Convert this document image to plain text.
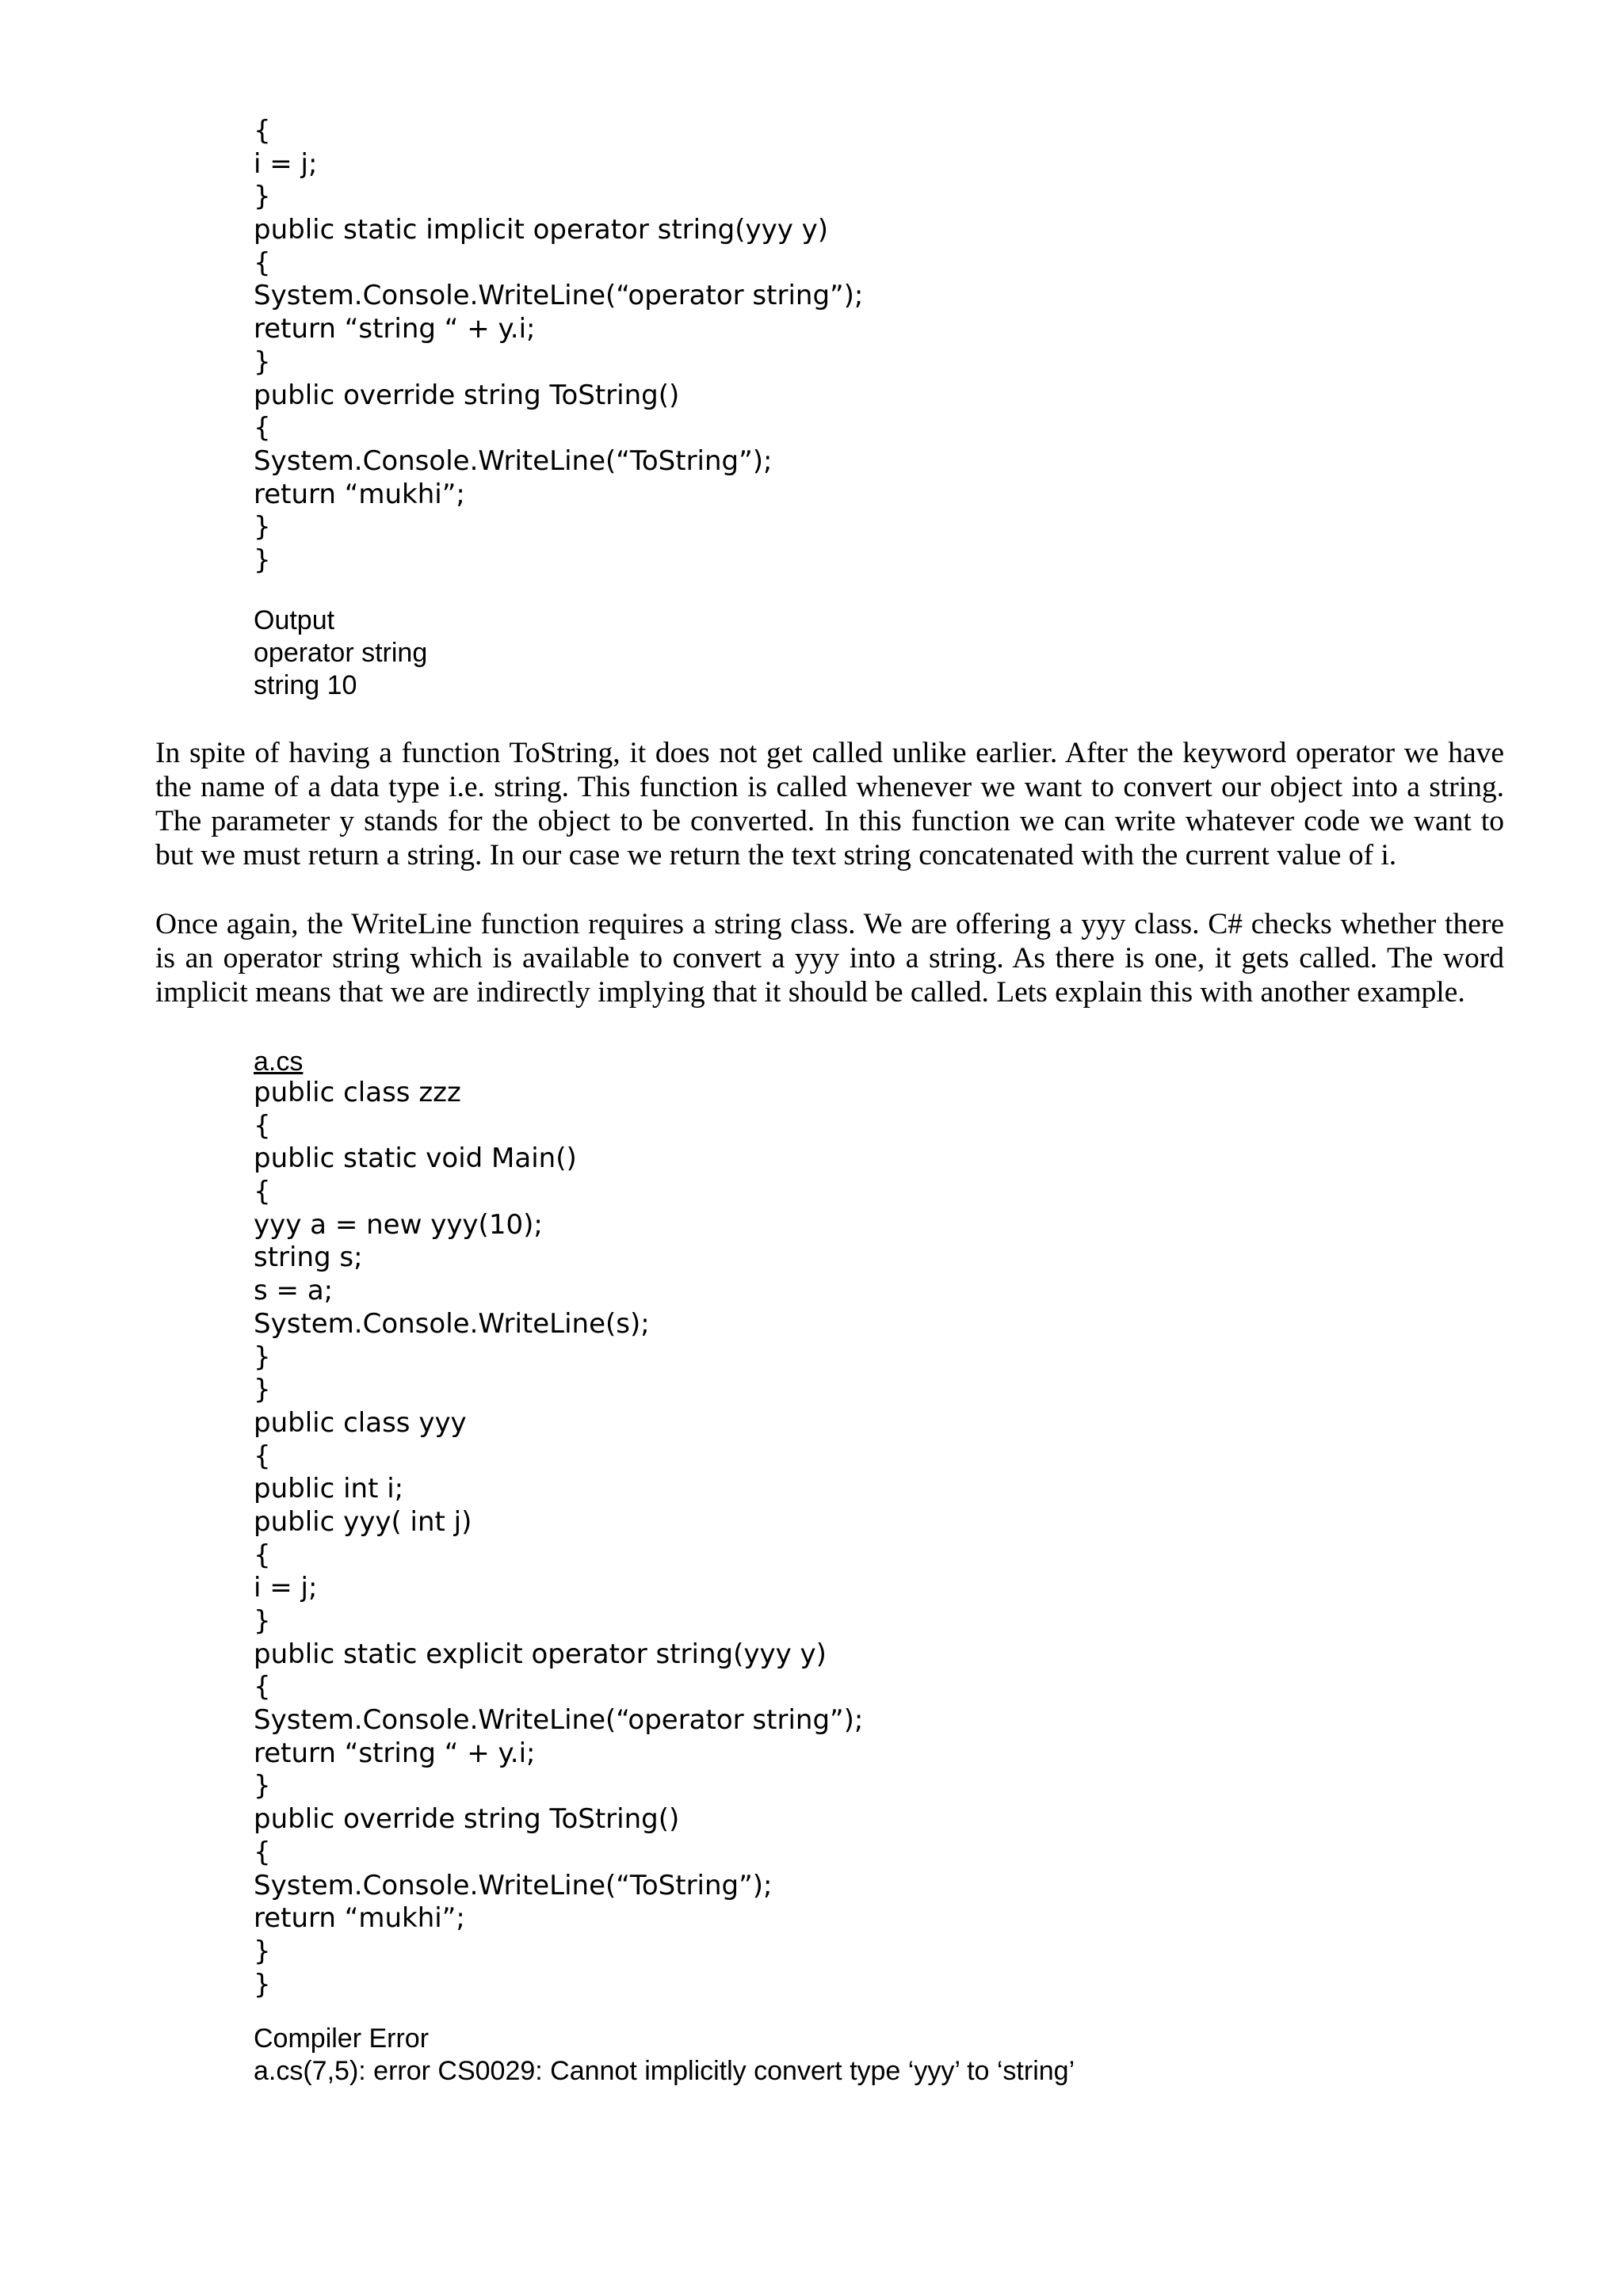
{
i = j;
}
public static implicit operator string(yyy y)
{
System.Console.WriteLine(“operator string”);
return “string “ + y.i;
}
public override string ToString()
{
System.Console.WriteLine(“ToString”);
return “mukhi”;
}
}
Output
operator string
string 10

In spite of having a function ToString, it does not get called unlike earlier. After the keyword operator we have the name of a data type i.e. string. This function is called whenever we want to convert our object into a string. The parameter y stands for the object to be converted. In this function we can write whatever code we want to but we must return a string. In our case we return the text string concatenated with the current value of i.

Once again, the WriteLine function requires a string class. We are offering a yyy class. C# checks whether there is an operator string which is available to convert a yyy into a string. As there is one, it gets called. The word implicit means that we are indirectly implying that it should be called. Lets explain this with another example.

a.cs
public class zzz
{
public static void Main()
{
yyy a = new yyy(10);
string s;
s = a;
System.Console.WriteLine(s);
}
}
public class yyy
{
public int i;
public yyy( int j)
{
i = j;
}
public static explicit operator string(yyy y)
{
System.Console.WriteLine(“operator string”);
return “string “ + y.i;
}
public override string ToString()
{
System.Console.WriteLine(“ToString”);
return “mukhi”;
}
}
Compiler Error
a.cs(7,5): error CS0029: Cannot implicitly convert type ‘yyy’ to ‘string’
